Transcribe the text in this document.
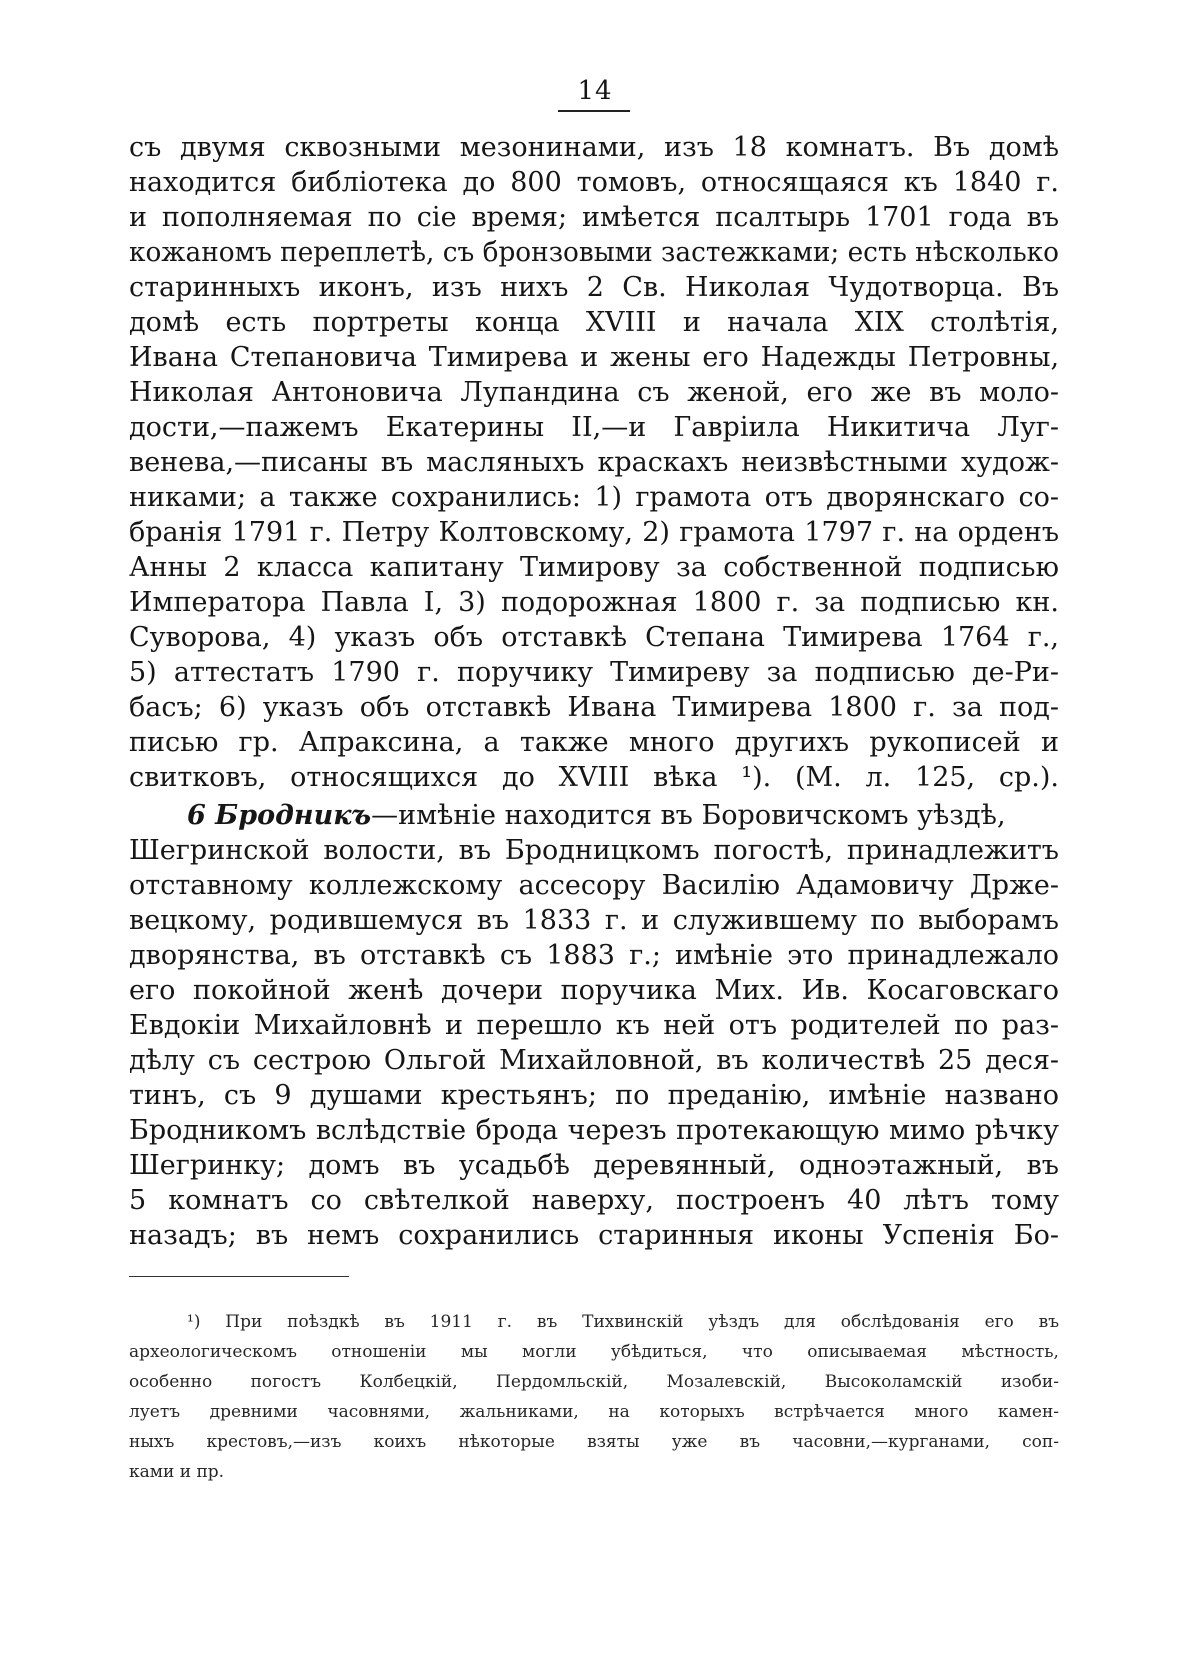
14
съ двумя сквозными мезонинами, изъ 18 комнатъ. Въ домѣ
находится библіотека до 800 томовъ, относящаяся къ 1840 г.
и пополняемая по сіе время; имѣется псалтырь 1701 года въ
кожаномъ переплетѣ, съ бронзовыми застежками; есть нѣсколько
старинныхъ иконъ, изъ нихъ 2 Св. Николая Чудотворца. Въ
домѣ есть портреты конца XVIII и начала XIX столѣтія,
Ивана Степановича Тимирева и жены его Надежды Петровны,
Николая Антоновича Лупандина съ женой, его же въ моло-
дости,—пажемъ Екатерины II,—и Гавріила Никитича Луг-
венева,—писаны въ масляныхъ краскахъ неизвѣстными худож-
никами; а также сохранились: 1) грамота отъ дворянскаго со-
бранія 1791 г. Петру Колтовскому, 2) грамота 1797 г. на орденъ
Анны 2 класса капитану Тимирову за собственной подписью
Императора Павла I, 3) подорожная 1800 г. за подписью кн.
Суворова, 4) указъ объ отставкѣ Степана Тимирева 1764 г.,
5) аттестатъ 1790 г. поручику Тимиреву за подписью де-Ри-
басъ; 6) указъ объ отставкѣ Ивана Тимирева 1800 г. за под-
писью гр. Апраксина, а также много другихъ рукописей и
свитковъ, относящихся до XVIII вѣка ¹). (М. л. 125, ср.).
6 Бродникъ—имѣніе находится въ Боровичскомъ уѣздѣ,
Шегринской волости, въ Бродницкомъ погостѣ, принадлежитъ
отставному коллежскому ассесору Василію Адамовичу Држе-
вецкому, родившемуся въ 1833 г. и служившему по выборамъ
дворянства, въ отставкѣ съ 1883 г.; имѣніе это принадлежало
его покойной женѣ дочери поручика Мих. Ив. Косаговскаго
Евдокіи Михайловнѣ и перешло къ ней отъ родителей по раз-
дѣлу съ сестрою Ольгой Михайловной, въ количествѣ 25 деся-
тинъ, съ 9 душами крестьянъ; по преданію, имѣніе названо
Бродникомъ вслѣдствіе брода черезъ протекающую мимо рѣчку
Шегринку; домъ въ усадьбѣ деревянный, одноэтажный, въ
5 комнатъ со свѣтелкой наверху, построенъ 40 лѣтъ тому
назадъ; въ немъ сохранились старинныя иконы Успенія Бо-
¹) При поѣздкѣ въ 1911 г. въ Тихвинскій уѣздъ для обслѣдованія его въ
археологическомъ отношеніи мы могли убѣдиться, что описываемая мѣстность,
особенно погостъ Колбецкій, Пердомльскій, Мозалевскій, Высоколамскій изоби-
луетъ древними часовнями, жальниками, на которыхъ встрѣчается много камен-
ныхъ крестовъ,—изъ коихъ нѣкоторые взяты уже въ часовни,—курганами, соп-
ками и пр.
